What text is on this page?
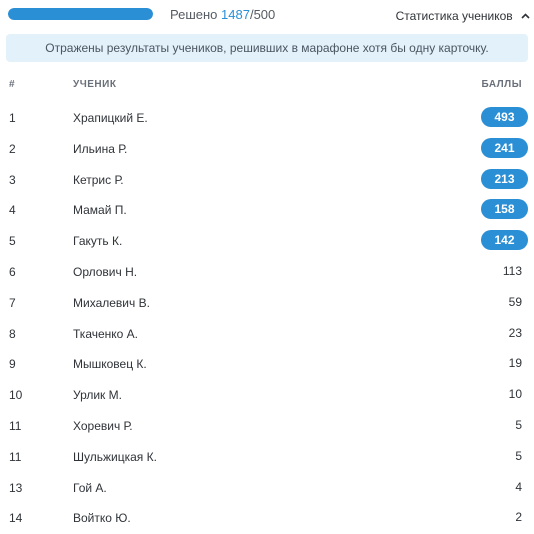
Решено 1487/500	Статистика учеников
Отражены результаты учеников, решивших в марафоне хотя бы одну карточку.
#	УЧЕНИК	БАЛЛЫ
1	Храпицкий Е.	493
2	Ильина Р.	241
3	Кетрис Р.	213
4	Мамай П.	158
5	Гакуть К.	142
6	Орлович Н.	113
7	Михалевич В.	59
8	Ткаченко А.	23
9	Мышковец К.	19
10	Урлик М.	10
11	Хоревич Р.	5
11	Шульжицкая К.	5
13	Гой А.	4
14	Войтко Ю.	2
